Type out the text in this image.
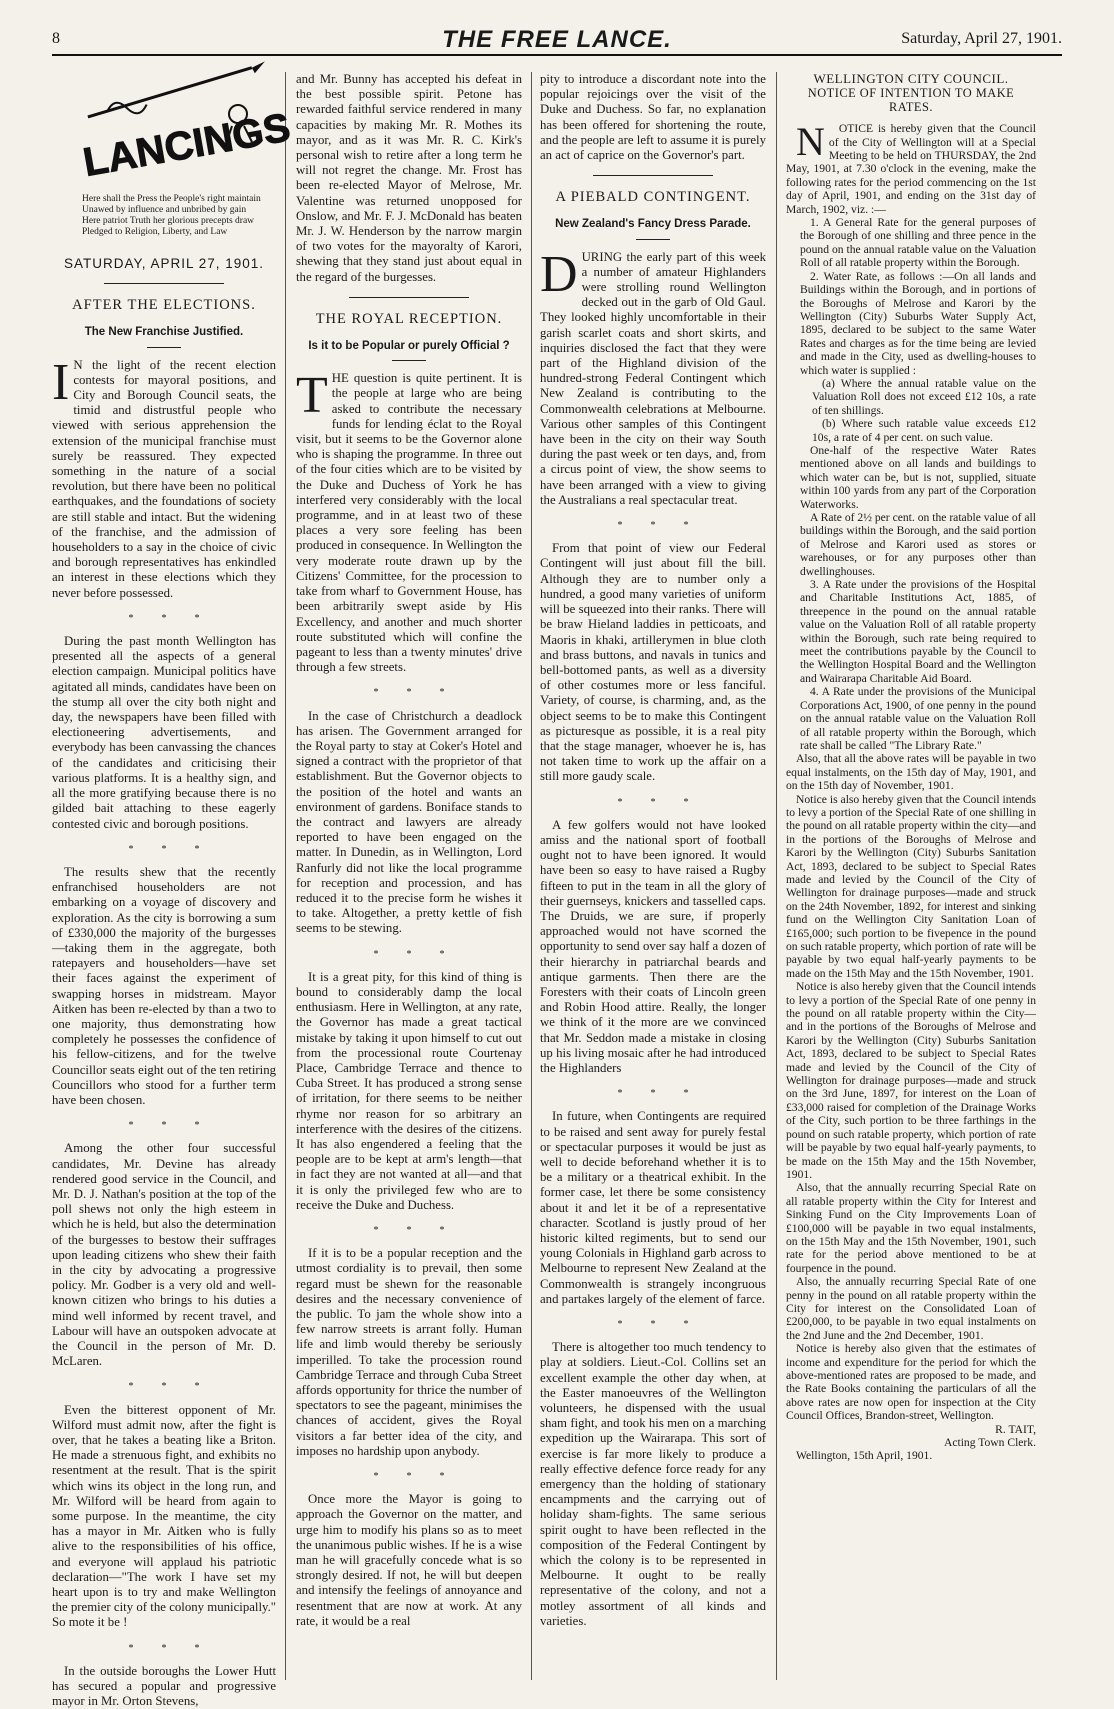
8	THE FREE LANCE.	Saturday, April 27, 1901.
LANCINGS

Here shall the Press the People's right maintain

Unawed by influence and unbribed by gain

Here patriot Truth her glorious precepts draw

Pledged to Religion, Liberty, and Law

SATURDAY, APRIL 27, 1901.
AFTER THE ELECTIONS.
The New Franchise Justified.

I N the light of the recent election contests for mayoral positions, and City and Borough Council seats, the timid and distrustful people who viewed with serious apprehension the extension of the municipal franchise must surely be reassured. They expected something in the nature of a social revolution, but there have been no political earthquakes, and the foundations of society are still stable and intact. But the widening of the franchise, and the admission of householders to a say in the choice of civic and borough representatives has enkindled an interest in these elections which they never before possessed.

***

During the past month Wellington has presented all the aspects of a general election campaign. Municipal politics have agitated all minds, candidates have been on the stump all over the city both night and day, the newspapers have been filled with electioneering advertisements, and everybody has been canvassing the chances of the candidates and criticising their various platforms. It is a healthy sign, and all the more gratifying because there is no gilded bait attaching to these eagerly contested civic and borough positions.

***

The results shew that the recently enfranchised householders are not embarking on a voyage of discovery and exploration. As the city is borrowing a sum of £330,000 the majority of the burgesses—taking them in the aggregate, both ratepayers and householders—have set their faces against the experiment of swapping horses in midstream. Mayor Aitken has been re-elected by than a two to one majority, thus demonstrating how completely he possesses the confidence of his fellow-citizens, and for the twelve Councillor seats eight out of the ten retiring Councillors who stood for a further term have been chosen.

***

Among the other four successful candidates, Mr. Devine has already rendered good service in the Council, and Mr. D. J. Nathan's position at the top of the poll shews not only the high esteem in which he is held, but also the determination of the burgesses to bestow their suffrages upon leading citizens who shew their faith in the city by advocating a progressive policy. Mr. Godber is a very old and well-known citizen who brings to his duties a mind well informed by recent travel, and Labour will have an outspoken advocate at the Council in the person of Mr. D. McLaren.

***

Even the bitterest opponent of Mr. Wilford must admit now, after the fight is over, that he takes a beating like a Briton. He made a strenuous fight, and exhibits no resentment at the result. That is the spirit which wins its object in the long run, and Mr. Wilford will be heard from again to some purpose. In the meantime, the city has a mayor in Mr. Aitken who is fully alive to the responsibilities of his office, and everyone will applaud his patriotic declaration—"The work I have set my heart upon is to try and make Wellington the premier city of the colony municipally." So mote it be !

***

In the outside boroughs the Lower Hutt has secured a popular and progressive mayor in Mr. Orton Stevens,

and Mr. Bunny has accepted his defeat in the best possible spirit. Petone has rewarded faithful service rendered in many capacities by making Mr. R. Mothes its mayor, and as it was Mr. R. C. Kirk's personal wish to retire after a long term he will not regret the change. Mr. Frost has been re-elected Mayor of Melrose, Mr. Valentine was returned unopposed for Onslow, and Mr. F. J. McDonald has beaten Mr. J. W. Henderson by the narrow margin of two votes for the mayoralty of Karori, shewing that they stand just about equal in the regard of the burgesses.

THE ROYAL RECEPTION.
Is it to be Popular or purely Official ?

THE question is quite pertinent. It is the people at large who are being asked to contribute the necessary funds for lending éclat to the Royal visit, but it seems to be the Governor alone who is shaping the programme. In three out of the four cities which are to be visited by the Duke and Duchess of York he has interfered very considerably with the local programme, and in at least two of these places a very sore feeling has been produced in consequence. In Wellington the very moderate route drawn up by the Citizens' Committee, for the procession to take from wharf to Government House, has been arbitrarily swept aside by His Excellency, and another and much shorter route substituted which will confine the pageant to less than a twenty minutes' drive through a few streets.

***

In the case of Christchurch a deadlock has arisen. The Government arranged for the Royal party to stay at Coker's Hotel and signed a contract with the proprietor of that establishment. But the Governor objects to the position of the hotel and wants an environment of gardens. Boniface stands to the contract and lawyers are already reported to have been engaged on the matter. In Dunedin, as in Wellington, Lord Ranfurly did not like the local programme for reception and procession, and has reduced it to the precise form he wishes it to take. Altogether, a pretty kettle of fish seems to be stewing.

***

It is a great pity, for this kind of thing is bound to considerably damp the local enthusiasm. Here in Wellington, at any rate, the Governor has made a great tactical mistake by taking it upon himself to cut out from the processional route Courtenay Place, Cambridge Terrace and thence to Cuba Street. It has produced a strong sense of irritation, for there seems to be neither rhyme nor reason for so arbitrary an interference with the desires of the citizens. It has also engendered a feeling that the people are to be kept at arm's length—that in fact they are not wanted at all—and that it is only the privileged few who are to receive the Duke and Duchess.

***

If it is to be a popular reception and the utmost cordiality is to prevail, then some regard must be shewn for the reasonable desires and the necessary convenience of the public. To jam the whole show into a few narrow streets is arrant folly. Human life and limb would thereby be seriously imperilled. To take the procession round Cambridge Terrace and through Cuba Street affords opportunity for thrice the number of spectators to see the pageant, minimises the chances of accident, gives the Royal visitors a far better idea of the city, and imposes no hardship upon anybody.

***

Once more the Mayor is going to approach the Governor on the matter, and urge him to modify his plans so as to meet the unanimous public wishes. If he is a wise man he will gracefully concede what is so strongly desired. If not, he will but deepen and intensify the feelings of annoyance and resentment that are now at work. At any rate, it would be a real

pity to introduce a discordant note into the popular rejoicings over the visit of the Duke and Duchess. So far, no explanation has been offered for shortening the route, and the people are left to assume it is purely an act of caprice on the Governor's part.

A PIEBALD CONTINGENT.
New Zealand's Fancy Dress Parade.

DURING the early part of this week a number of amateur Highlanders were strolling round Wellington decked out in the garb of Old Gaul. They looked highly uncomfortable in their garish scarlet coats and short skirts, and inquiries disclosed the fact that they were part of the Highland division of the hundred-strong Federal Contingent which New Zealand is contributing to the Commonwealth celebrations at Melbourne. Various other samples of this Contingent have been in the city on their way South during the past week or ten days, and, from a circus point of view, the show seems to have been arranged with a view to giving the Australians a real spectacular treat.

***

From that point of view our Federal Contingent will just about fill the bill. Although they are to number only a hundred, a good many varieties of uniform will be squeezed into their ranks. There will be braw Hieland laddies in petticoats, and Maoris in khaki, artillerymen in blue cloth and brass buttons, and navals in tunics and bell-bottomed pants, as well as a diversity of other costumes more or less fanciful. Variety, of course, is charming, and, as the object seems to be to make this Contingent as picturesque as possible, it is a real pity that the stage manager, whoever he is, has not taken time to work up the affair on a still more gaudy scale.

***

A few golfers would not have looked amiss and the national sport of football ought not to have been ignored. It would have been so easy to have raised a Rugby fifteen to put in the team in all the glory of their guernseys, knickers and tasselled caps. The Druids, we are sure, if properly approached would not have scorned the opportunity to send over say half a dozen of their hierarchy in patriarchal beards and antique garments. Then there are the Foresters with their coats of Lincoln green and Robin Hood attire. Really, the longer we think of it the more are we convinced that Mr. Seddon made a mistake in closing up his living mosaic after he had introduced the Highlanders

***

In future, when Contingents are required to be raised and sent away for purely festal or spectacular purposes it would be just as well to decide beforehand whether it is to be a military or a theatrical exhibit. In the former case, let there be some consistency about it and let it be of a representative character. Scotland is justly proud of her historic kilted regiments, but to send our young Colonials in Highland garb across to Melbourne to represent New Zealand at the Commonwealth is strangely incongruous and partakes largely of the element of farce.

***

There is altogether too much tendency to play at soldiers. Lieut.-Col. Collins set an excellent example the other day when, at the Easter manoeuvres of the Wellington volunteers, he dispensed with the usual sham fight, and took his men on a marching expedition up the Wairarapa. This sort of exercise is far more likely to produce a really effective defence force ready for any emergency than the holding of stationary encampments and the carrying out of holiday sham-fights. The same serious spirit ought to have been reflected in the composition of the Federal Contingent by which the colony is to be represented in Melbourne. It ought to be really representative of the colony, and not a motley assortment of all kinds and varieties.

WELLINGTON CITY COUNCIL.
NOTICE OF INTENTION TO MAKE RATES.

N OTICE is hereby given that the Council of the City of Wellington will at a Special Meeting to be held on THURSDAY, the 2nd May, 1901, at 7.30 o'clock in the evening, make the following rates for the period commencing on the 1st day of April, 1901, and ending on the 31st day of March, 1902, viz. :—

1. A General Rate for the general purposes of the Borough of one shilling and three pence in the pound on the annual ratable value on the Valuation Roll of all ratable property within the Borough.

2. Water Rate, as follows :—On all lands and Buildings within the Borough, and in portions of the Boroughs of Melrose and Karori by the Wellington (City) Suburbs Water Supply Act, 1895, declared to be subject to the same Water Rates and charges as for the time being are levied and made in the City, used as dwelling-houses to which water is supplied :

(a) Where the annual ratable value on the Valuation Roll does not exceed £12 10s, a rate of ten shillings.

(b) Where such ratable value exceeds £12 10s, a rate of 4 per cent. on such value.

One-half of the respective Water Rates mentioned above on all lands and buildings to which water can be, but is not, supplied, situate within 100 yards from any part of the Corporation Waterworks.

A Rate of 2½ per cent. on the ratable value of all buildings within the Borough, and the said portion of Melrose and Karori used as stores or warehouses, or for any purposes other than dwellinghouses.

3. A Rate under the provisions of the Hospital and Charitable Institutions Act, 1885, of threepence in the pound on the annual ratable value on the Valuation Roll of all ratable property within the Borough, such rate being required to meet the contributions payable by the Council to the Wellington Hospital Board and the Wellington and Wairarapa Charitable Aid Board.

4. A Rate under the provisions of the Municipal Corporations Act, 1900, of one penny in the pound on the annual ratable value on the Valuation Roll of all ratable property within the Borough, which rate shall be called "The Library Rate."

Also, that all the above rates will be payable in two equal instalments, on the 15th day of May, 1901, and on the 15th day of November, 1901.

Notice is also hereby given that the Council intends to levy a portion of the Special Rate of one shilling in the pound on all ratable property within the city—and in the portions of the Boroughs of Melrose and Karori by the Wellington (City) Suburbs Sanitation Act, 1893, declared to be subject to Special Rates made and levied by the Council of the City of Wellington for drainage purposes—made and struck on the 24th November, 1892, for interest and sinking fund on the Wellington City Sanitation Loan of £165,000; such portion to be fivepence in the pound on such ratable property, which portion of rate will be payable by two equal half-yearly payments to be made on the 15th May and the 15th November, 1901.

Notice is also hereby given that the Council intends to levy a portion of the Special Rate of one penny in the pound on all ratable property within the City—and in the portions of the Boroughs of Melrose and Karori by the Wellington (City) Suburbs Sanitation Act, 1893, declared to be subject to Special Rates made and levied by the Council of the City of Wellington for drainage purposes—made and struck on the 3rd June, 1897, for interest on the Loan of £33,000 raised for completion of the Drainage Works of the City, such portion to be three farthings in the pound on such ratable property, which portion of rate will be payable by two equal half-yearly payments, to be made on the 15th May and the 15th November, 1901.

Also, that the annually recurring Special Rate on all ratable property within the City for Interest and Sinking Fund on the City Improvements Loan of £100,000 will be payable in two equal instalments, on the 15th May and the 15th November, 1901, such rate for the period above mentioned to be at fourpence in the pound.

Also, the annually recurring Special Rate of one penny in the pound on all ratable property within the City for interest on the Consolidated Loan of £200,000, to be payable in two equal instalments on the 2nd June and the 2nd December, 1901.

Notice is hereby also given that the estimates of income and expenditure for the period for which the above-mentioned rates are proposed to be made, and the Rate Books containing the particulars of all the above rates are now open for inspection at the City Council Offices, Brandon-street, Wellington.

R. TAIT,

Acting Town Clerk.

Wellington, 15th April, 1901.
